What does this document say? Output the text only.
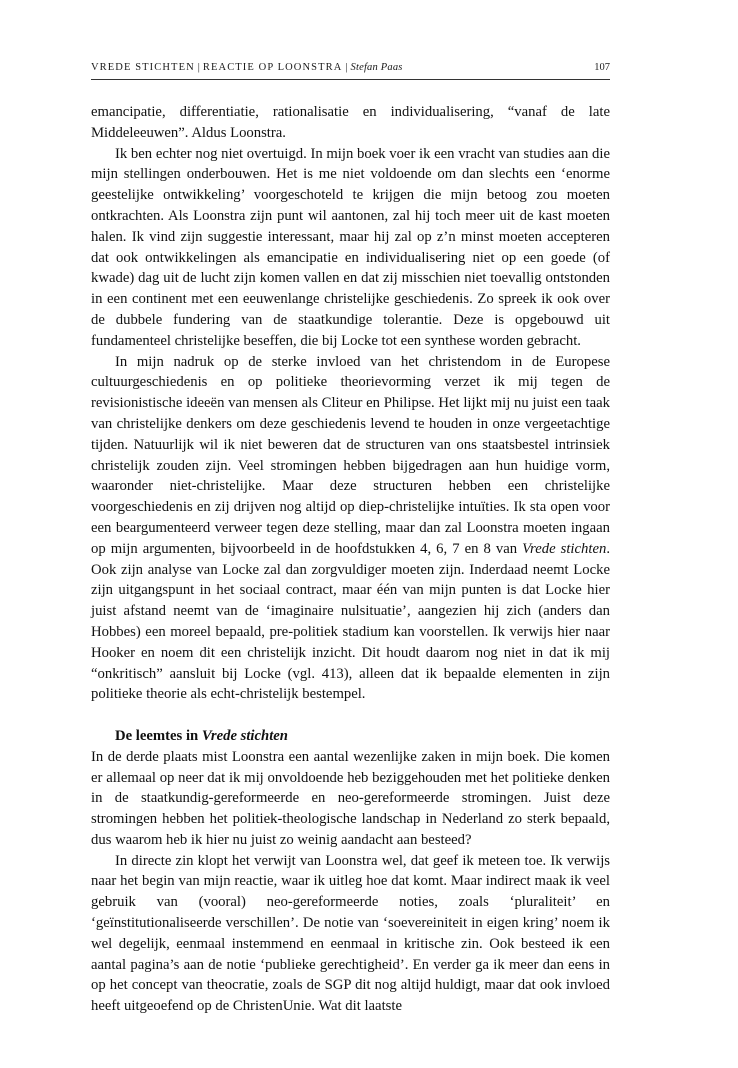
VREDE STICHTEN | REACTIE OP LOONSTRA | Stefan Paas	107

emancipatie, differentiatie, rationalisatie en individualisering, “vanaf de late Middeleeuwen”. Aldus Loonstra.

Ik ben echter nog niet overtuigd. In mijn boek voer ik een vracht van studies aan die mijn stellingen onderbouwen. Het is me niet voldoende om dan slechts een ‘enorme geestelijke ontwikkeling’ voorgeschoteld te krijgen die mijn betoog zou moeten ontkrachten. Als Loonstra zijn punt wil aantonen, zal hij toch meer uit de kast moeten halen. Ik vind zijn suggestie interessant, maar hij zal op z’n minst moeten accepteren dat ook ontwikkelingen als emancipatie en individualisering niet op een goede (of kwade) dag uit de lucht zijn komen vallen en dat zij misschien niet toevallig ontstonden in een continent met een eeuwenlange christelijke geschiedenis. Zo spreek ik ook over de dubbele fundering van de staatkundige tolerantie. Deze is opgebouwd uit fundamenteel christelijke beseffen, die bij Locke tot een synthese worden gebracht.

In mijn nadruk op de sterke invloed van het christendom in de Europese cultuurgeschiedenis en op politieke theorievorming verzet ik mij tegen de revisionistische ideeën van mensen als Cliteur en Philipse. Het lijkt mij nu juist een taak van christelijke denkers om deze geschiedenis levend te houden in onze vergeetachtige tijden. Natuurlijk wil ik niet beweren dat de structuren van ons staatsbestel intrinsiek christelijk zouden zijn. Veel stromingen hebben bijgedragen aan hun huidige vorm, waaronder niet-christelijke. Maar deze structuren hebben een christelijke voorgeschiedenis en zij drijven nog altijd op diep-christelijke intuïties. Ik sta open voor een beargumenteerd verweer tegen deze stelling, maar dan zal Loonstra moeten ingaan op mijn argumenten, bijvoorbeeld in de hoofdstukken 4, 6, 7 en 8 van Vrede stichten. Ook zijn analyse van Locke zal dan zorgvuldiger moeten zijn. Inderdaad neemt Locke zijn uitgangspunt in het sociaal contract, maar één van mijn punten is dat Locke hier juist afstand neemt van de ‘imaginaire nulsituatie’, aangezien hij zich (anders dan Hobbes) een moreel bepaald, pre-politiek stadium kan voorstellen. Ik verwijs hier naar Hooker en noem dit een christelijk inzicht. Dit houdt daarom nog niet in dat ik mij “onkritisch” aansluit bij Locke (vgl. 413), alleen dat ik bepaalde elementen in zijn politieke theorie als echt-christelijk bestempel.

De leemtes in Vrede stichten

In de derde plaats mist Loonstra een aantal wezenlijke zaken in mijn boek. Die komen er allemaal op neer dat ik mij onvoldoende heb beziggehouden met het politieke denken in de staatkundig-gereformeerde en neo-gereformeerde stromingen. Juist deze stromingen hebben het politiek-theologische landschap in Nederland zo sterk bepaald, dus waarom heb ik hier nu juist zo weinig aandacht aan besteed?

In directe zin klopt het verwijt van Loonstra wel, dat geef ik meteen toe. Ik verwijs naar het begin van mijn reactie, waar ik uitleg hoe dat komt. Maar indirect maak ik veel gebruik van (vooral) neo-gereformeerde noties, zoals ‘pluraliteit’ en ‘geïnstitutionaliseerde verschillen’. De notie van ‘soevereiniteit in eigen kring’ noem ik wel degelijk, eenmaal instemmend en eenmaal in kritische zin. Ook besteed ik een aantal pagina’s aan de notie ‘publieke gerechtigheid’. En verder ga ik meer dan eens in op het concept van theocratie, zoals de SGP dit nog altijd huldigt, maar dat ook invloed heeft uitgeoefend op de ChristenUnie. Wat dit laatste
